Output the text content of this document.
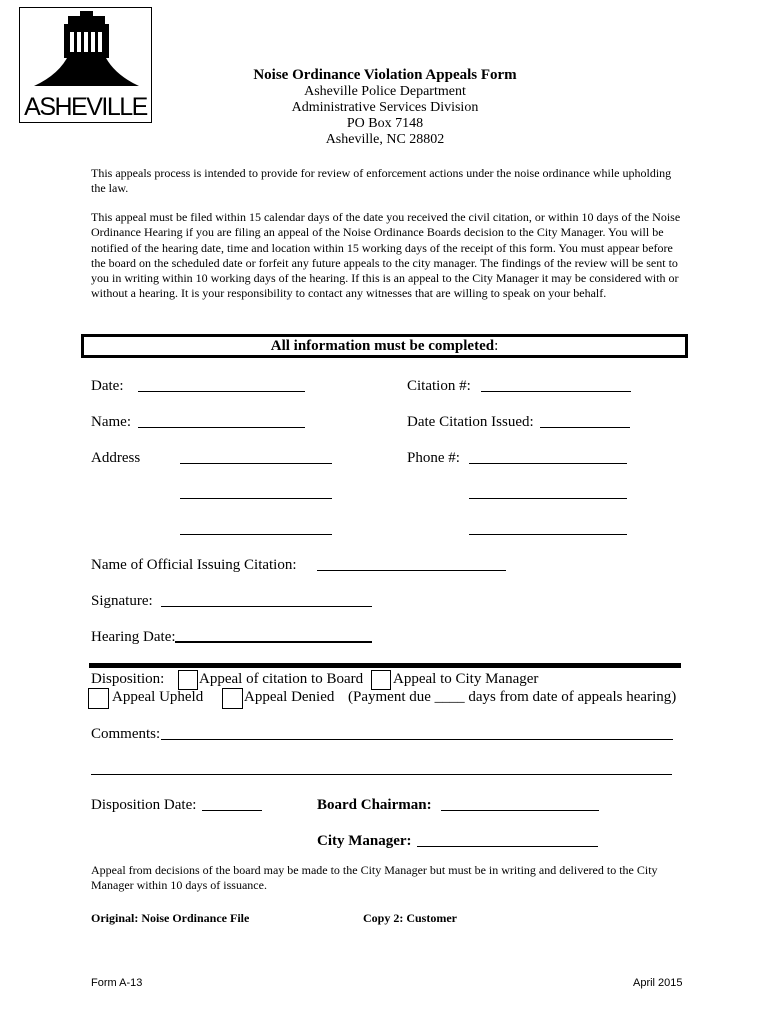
ASHEVILLE
Noise Ordinance Violation Appeals Form
Asheville Police Department
Administrative Services Division
PO Box 7148
Asheville, NC 28802
This appeals process is intended to provide for review of enforcement actions under the noise ordinance while upholding the law.
This appeal must be filed within 15 calendar days of the date you received the civil citation, or within 10 days of the Noise Ordinance Hearing if you are filing an appeal of the Noise Ordinance Boards decision to the City Manager. You will be notified of the hearing date, time and location within 15 working days of the receipt of this form. You must appear before the board on the scheduled date or forfeit any future appeals to the city manager. The findings of the review will be sent to you in writing within 10 working days of the hearing. If this is an appeal to the City Manager it may be considered with or without a hearing. It is your responsibility to contact any witnesses that are willing to speak on your behalf.
All information must be completed:
Date:	Citation #:
Name:	Date Citation Issued:
Address	Phone #:
Name of Official Issuing Citation:
Signature:
Hearing Date:
Disposition: Appeal of citation to Board Appeal to City Manager
Appeal Upheld	Appeal Denied (Payment due ____ days from date of appeals hearing)
Comments:
Disposition Date:	Board Chairman:
City Manager:
Appeal from decisions of the board may be made to the City Manager but must be in writing and delivered to the City Manager within 10 days of issuance.
Original: Noise Ordinance File	Copy 2: Customer
Form A-13	April 2015
